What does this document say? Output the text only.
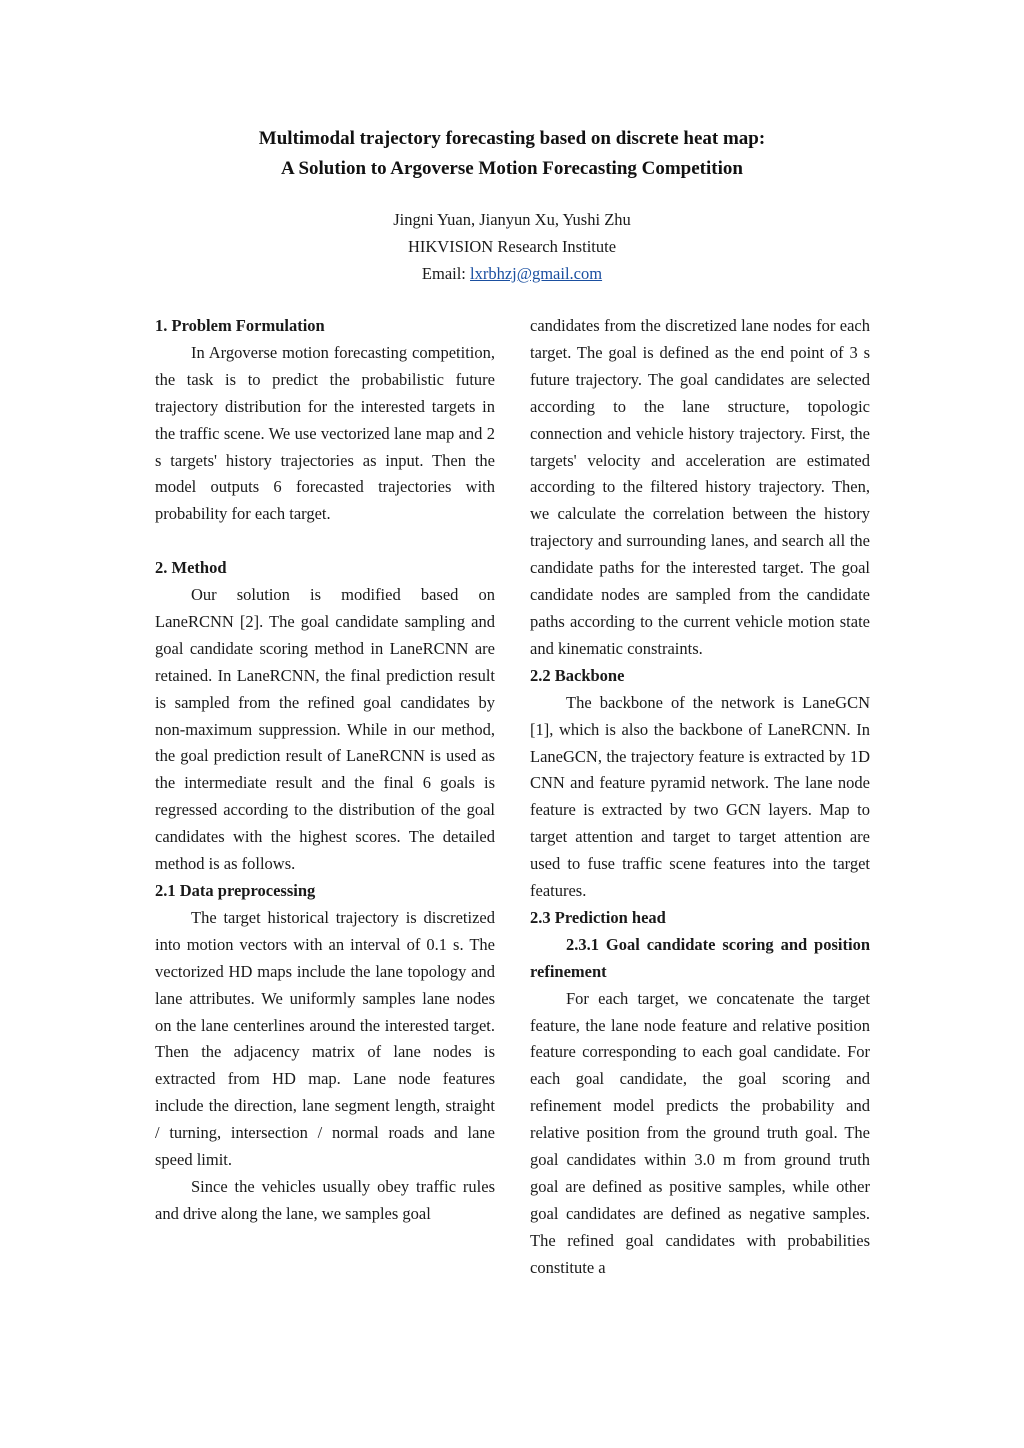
Multimodal trajectory forecasting based on discrete heat map:
A Solution to Argoverse Motion Forecasting Competition
Jingni Yuan, Jianyun Xu, Yushi Zhu
HIKVISION Research Institute
Email: lxrbhzj@gmail.com
1. Problem Formulation

In Argoverse motion forecasting competition, the task is to predict the probabilistic future trajectory distribution for the interested targets in the traffic scene. We use vectorized lane map and 2 s targets' history trajectories as input. Then the model outputs 6 forecasted trajectories with probability for each target.

2. Method

Our solution is modified based on LaneRCNN [2]. The goal candidate sampling and goal candidate scoring method in LaneRCNN are retained. In LaneRCNN, the final prediction result is sampled from the refined goal candidates by non-maximum suppression. While in our method, the goal prediction result of LaneRCNN is used as the intermediate result and the final 6 goals is regressed according to the distribution of the goal candidates with the highest scores. The detailed method is as follows.

2.1 Data preprocessing

The target historical trajectory is discretized into motion vectors with an interval of 0.1 s. The vectorized HD maps include the lane topology and lane attributes. We uniformly samples lane nodes on the lane centerlines around the interested target. Then the adjacency matrix of lane nodes is extracted from HD map. Lane node features include the direction, lane segment length, straight / turning, intersection / normal roads and lane speed limit.

Since the vehicles usually obey traffic rules and drive along the lane, we samples goal

candidates from the discretized lane nodes for each target. The goal is defined as the end point of 3 s future trajectory. The goal candidates are selected according to the lane structure, topologic connection and vehicle history trajectory. First, the targets' velocity and acceleration are estimated according to the filtered history trajectory. Then, we calculate the correlation between the history trajectory and surrounding lanes, and search all the candidate paths for the interested target. The goal candidate nodes are sampled from the candidate paths according to the current vehicle motion state and kinematic constraints.

2.2 Backbone

The backbone of the network is LaneGCN [1], which is also the backbone of LaneRCNN. In LaneGCN, the trajectory feature is extracted by 1D CNN and feature pyramid network. The lane node feature is extracted by two GCN layers. Map to target attention and target to target attention are used to fuse traffic scene features into the target features.

2.3 Prediction head
2.3.1 Goal candidate scoring and position refinement

For each target, we concatenate the target feature, the lane node feature and relative position feature corresponding to each goal candidate. For each goal candidate, the goal scoring and refinement model predicts the probability and relative position from the ground truth goal. The goal candidates within 3.0 m from ground truth goal are defined as positive samples, while other goal candidates are defined as negative samples. The refined goal candidates with probabilities constitute a
